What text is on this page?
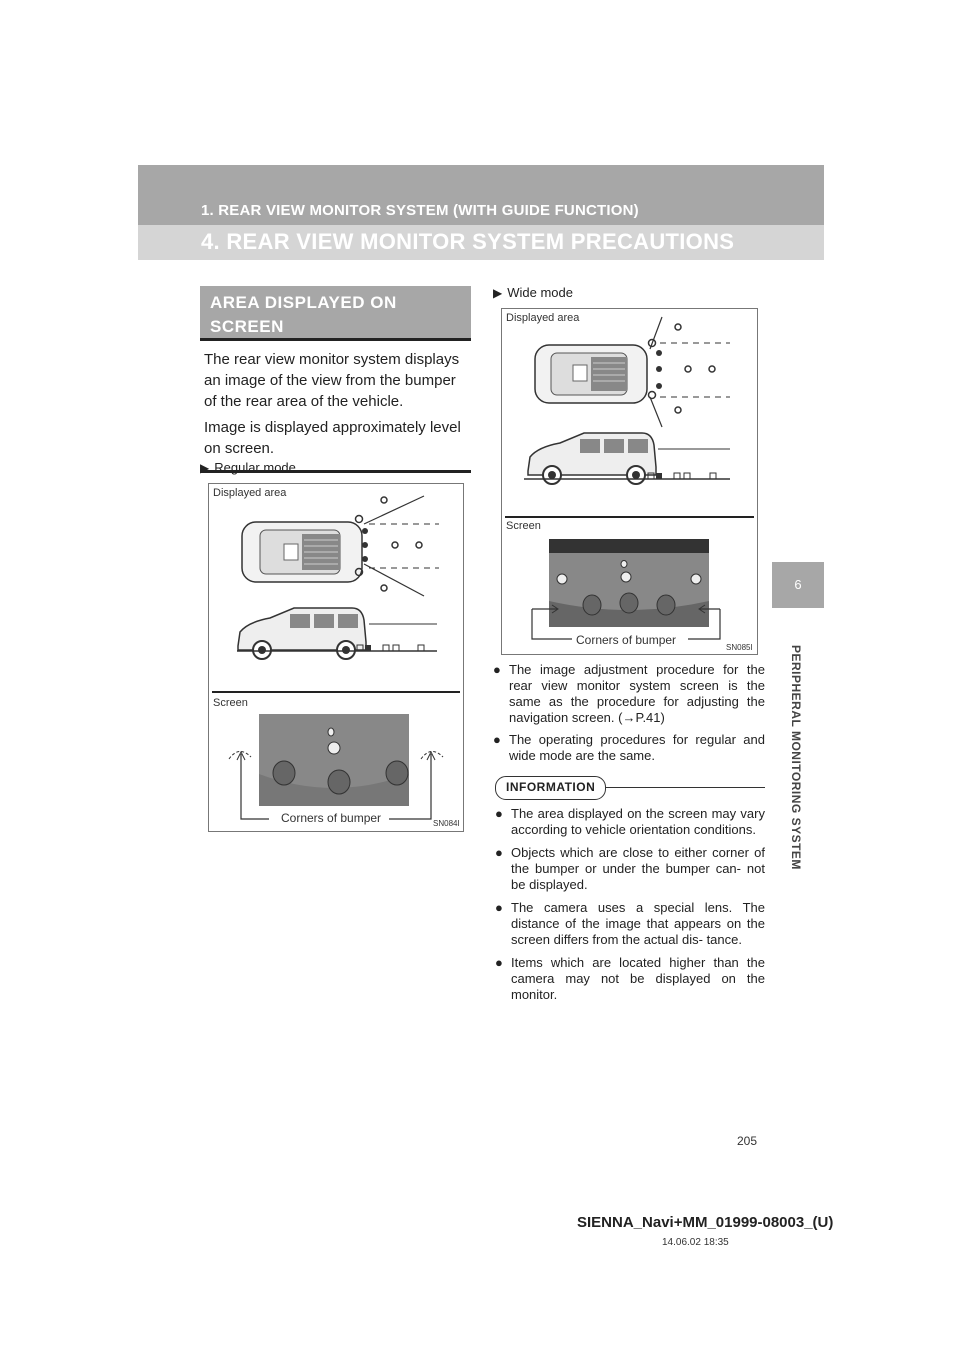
1. REAR VIEW MONITOR SYSTEM (WITH GUIDE FUNCTION)
4. REAR VIEW MONITOR SYSTEM PRECAUTIONS
6
PERIPHERAL MONITORING SYSTEM
AREA DISPLAYED ON
SCREEN

The rear view monitor system displays an image of the view from the bumper of the rear area of the vehicle.

Image is displayed approximately level on screen.

▶ Regular mode
Displayed area
Screen
Corners of bumper	SN084I
▶ Wide mode
Displayed area
Screen
Corners of bumper
SN085I
● The image adjustment procedure for the rear view monitor system screen is the same as the procedure for adjusting the navigation screen. (→P.41)
● The operating procedures for regular and wide mode are the same.
INFORMATION
● The area displayed on the screen may vary according to vehicle orientation conditions.
● Objects which are close to either corner of the bumper or under the bumper can- not be displayed.
● The camera uses a special lens. The distance of the image that appears on the screen differs from the actual dis- tance.
● Items which are located higher than the camera may not be displayed on the monitor.
205
SIENNA_Navi+MM_01999-08003_(U)
14.06.02 18:35
